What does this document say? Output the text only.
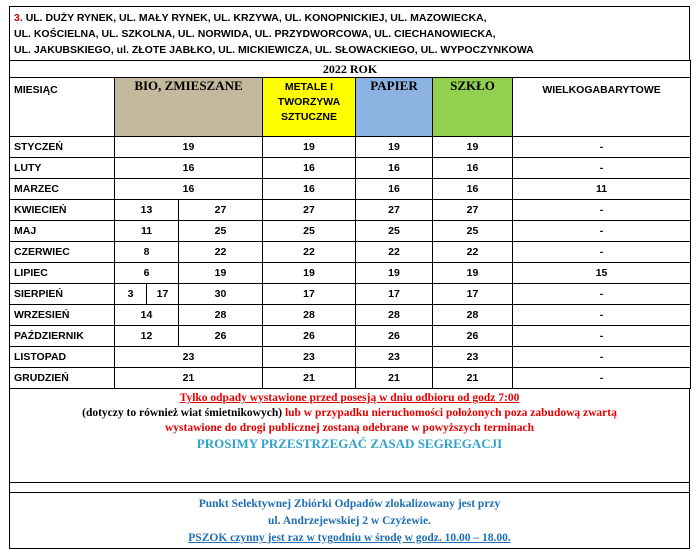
3. UL. DUŻY RYNEK, UL. MAŁY RYNEK, UL. KRZYWA, UL. KONOPNICKIEJ, UL. MAZOWIECKA,
UL. KOŚCIELNA, UL. SZKOLNA, UL. NORWIDA, UL. PRZYDWORCOWA, UL. CIECHANOWIECKA,
UL. JAKUBSKIEGO, ul. ZŁOTE JABŁKO, UL. MICKIEWICZA, UL. SŁOWACKIEGO, UL. WYPOCZYNKOWA
2022 ROK							
MIESIĄC	BIO, ZMIESZANE			METALE I TWORZYWA SZTUCZNE	PAPIER	SZKŁO	WIELKOGABARYTOWE
STYCZEŃ	19			19	19	19	-
LUTY	16			16	16	16	-
MARZEC	16			16	16	16	11
KWIECIEŃ	13		27	27	27	27	-
MAJ	11		25	25	25	25	-
CZERWIEC	8		22	22	22	22	-
LIPIEC	6		19	19	19	19	15
SIERPIEŃ	3	17	30	17	17	17	-
WRZESIEŃ	14		28	28	28	28	-
PAŹDZIERNIK	12		26	26	26	26	-
LISTOPAD	23			23	23	23	-
GRUDZIEŃ	21			21	21	21	-
Tylko odpady wystawione przed posesją w dniu odbioru od godz 7:00
(dotyczy to również wiat śmietnikowych) lub w przypadku nieruchomości położonych poza zabudową zwartą
wystawione do drogi publicznej zostaną odebrane w powyższych terminach
PROSIMY PRZESTRZEGAĆ ZASAD SEGREGACJI
Punkt Selektywnej Zbiórki Odpadów zlokalizowany jest przy
ul. Andrzejewskiej 2 w Czyżewie.
PSZOK czynny jest raz w tygodniu w środę w godz. 10.00 – 18.00.
